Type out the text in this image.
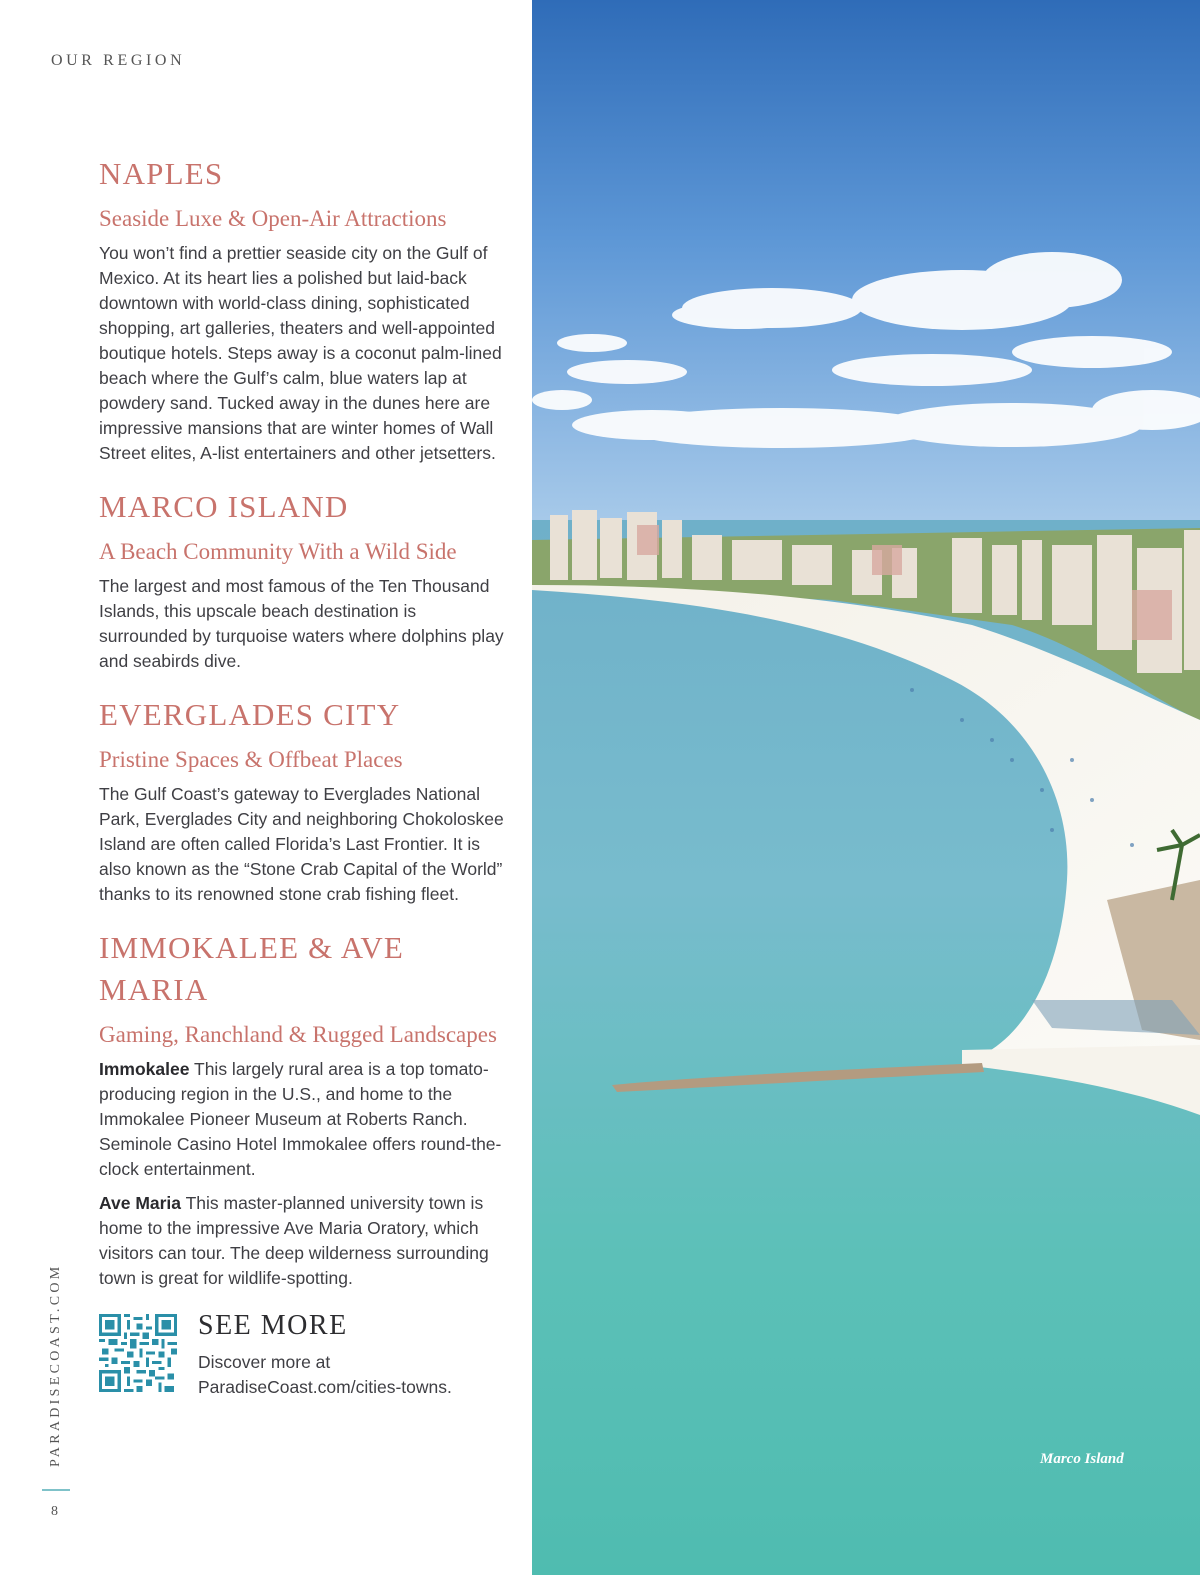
OUR REGION
NAPLES
Seaside Luxe & Open-Air Attractions

You won’t find a prettier seaside city on the Gulf of Mexico. At its heart lies a polished but laid-back downtown with world-class dining, sophisticated shopping, art galleries, theaters and well-appointed boutique hotels. Steps away is a coconut palm-lined beach where the Gulf’s calm, blue waters lap at powdery sand. Tucked away in the dunes here are impressive mansions that are winter homes of Wall Street elites, A-list entertainers and other jetsetters.

MARCO ISLAND
A Beach Community With a Wild Side

The largest and most famous of the Ten Thousand Islands, this upscale beach destination is surrounded by turquoise waters where dolphins play and seabirds dive.

EVERGLADES CITY
Pristine Spaces & Offbeat Places

The Gulf Coast’s gateway to Everglades National Park, Everglades City and neighboring Chokoloskee Island are often called Florida’s Last Frontier. It is also known as the “Stone Crab Capital of the World” thanks to its renowned stone crab fishing fleet.

IMMOKALEE & AVE MARIA
Gaming, Ranchland & Rugged Landscapes

Immokalee This largely rural area is a top tomato-producing region in the U.S., and home to the Immokalee Pioneer Museum at Roberts Ranch. Seminole Casino Hotel Immokalee offers round-the-clock entertainment.

Ave Maria This master-planned university town is home to the impressive Ave Maria Oratory, which visitors can tour. The deep wilderness surrounding town is great for wildlife-spotting.

SEE MORE
Discover more at ParadiseCoast.com/cities-towns.
PARADISECOAST.COM
8
Marco Island
